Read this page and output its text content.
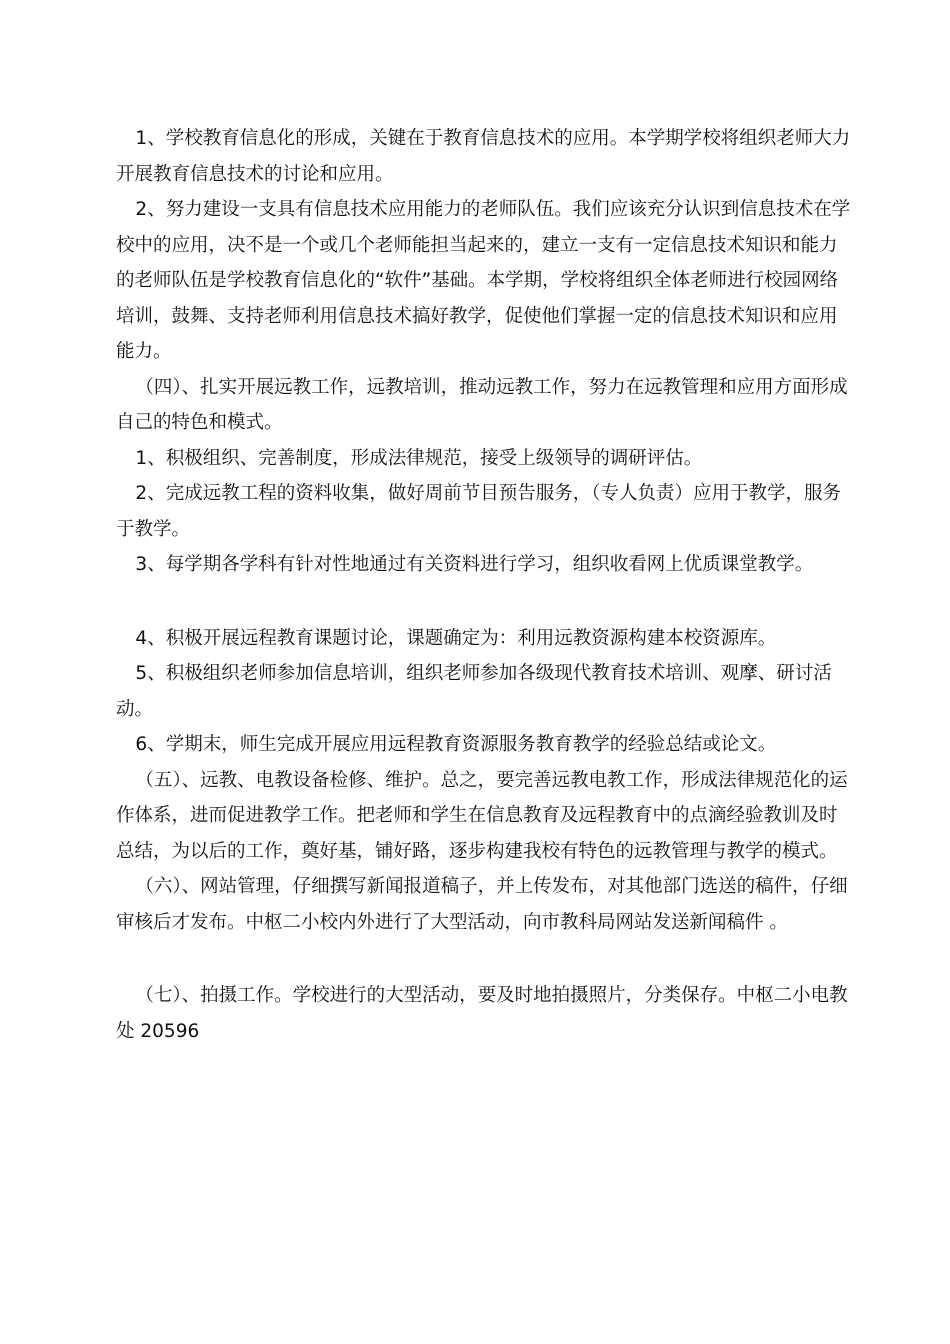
1、学校教育信息化的形成，关键在于教育信息技术的应用。本学期学校将组织老师大力开展教育信息技术的讨论和应用。

2、努力建设一支具有信息技术应用能力的老师队伍。我们应该充分认识到信息技术在学校中的应用，决不是一个或几个老师能担当起来的，建立一支有一定信息技术知识和能力的老师队伍是学校教育信息化的“软件”基础。本学期，学校将组织全体老师进行校园网络培训，鼓舞、支持老师利用信息技术搞好教学，促使他们掌握一定的信息技术知识和应用能力。

（四）、扎实开展远教工作，远教培训，推动远教工作，努力在远教管理和应用方面形成自己的特色和模式。

1、积极组织、完善制度，形成法律规范，接受上级领导的调研评估。

2、完成远教工程的资料收集，做好周前节目预告服务，（专人负责）应用于教学，服务于教学。

3、每学期各学科有针对性地通过有关资料进行学习，组织收看网上优质课堂教学。

4、积极开展远程教育课题讨论，课题确定为：利用远教资源构建本校资源库。

5、积极组织老师参加信息培训，组织老师参加各级现代教育技术培训、观摩、研讨活动。

6、学期末，师生完成开展应用远程教育资源服务教育教学的经验总结或论文。

（五）、远教、电教设备检修、维护。总之，要完善远教电教工作，形成法律规范化的运作体系，进而促进教学工作。把老师和学生在信息教育及远程教育中的点滴经验教训及时总结，为以后的工作，奠好基，铺好路，逐步构建我校有特色的远教管理与教学的模式。

（六）、网站管理，仔细撰写新闻报道稿子，并上传发布，对其他部门选送的稿件，仔细审核后才发布。中枢二小校内外进行了大型活动，向市教科局网站发送新闻稿件 。

（七）、拍摄工作。学校进行的大型活动，要及时地拍摄照片，分类保存。中枢二小电教处 20596
